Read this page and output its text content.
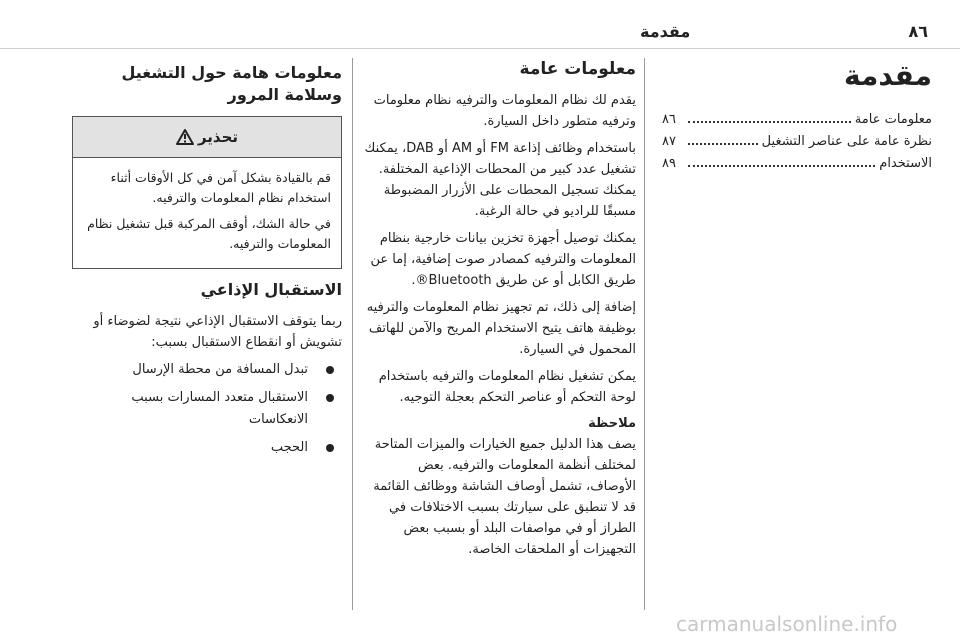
٨٦
مقدمة
مقدمة
معلومات عامة
٨٦
نظرة عامة على عناصر التشغيل
٨٧
الاستخدام
٨٩
معلومات عامة

يقدم لك نظام المعلومات والترفيه نظام معلومات وترفيه متطور داخل السيارة.

باستخدام وظائف إذاعة FM أو AM أو DAB، يمكنك تشغيل عدد كبير من المحطات الإذاعية المختلفة. يمكنك تسجيل المحطات على الأزرار المضبوطة مسبقًا للراديو في حالة الرغبة.

يمكنك توصيل أجهزة تخزين بيانات خارجية بنظام المعلومات والترفيه كمصادر صوت إضافية، إما عن طريق الكابل أو عن طريق Bluetooth®.

إضافة إلى ذلك، تم تجهيز نظام المعلومات والترفيه بوظيفة هاتف يتيح الاستخدام المريح والآمن للهاتف المحمول في السيارة.

يمكن تشغيل نظام المعلومات والترفيه باستخدام لوحة التحكم أو عناصر التحكم بعجلة التوجيه.

ملاحظة

يصف هذا الدليل جميع الخيارات والميزات المتاحة لمختلف أنظمة المعلومات والترفيه. بعض الأوصاف، تشمل أوصاف الشاشة ووظائف القائمة قد لا تنطبق على سيارتك بسبب الاختلافات في الطراز أو في مواصفات البلد أو بسبب بعض التجهيزات أو الملحقات الخاصة.

معلومات هامة حول التشغيل وسلامة المرور
تحذير

قم بالقيادة بشكل آمن في كل الأوقات أثناء استخدام نظام المعلومات والترفيه.

في حالة الشك، أوقف المركبة قبل تشغيل نظام المعلومات والترفيه.

الاستقبال الإذاعي

ربما يتوقف الاستقبال الإذاعي نتيجة لضوضاء أو تشويش أو انقطاع الاستقبال بسبب:

تبدل المسافة من محطة الإرسال
الاستقبال متعدد المسارات بسبب الانعكاسات
الحجب
carmanualsonline.info
